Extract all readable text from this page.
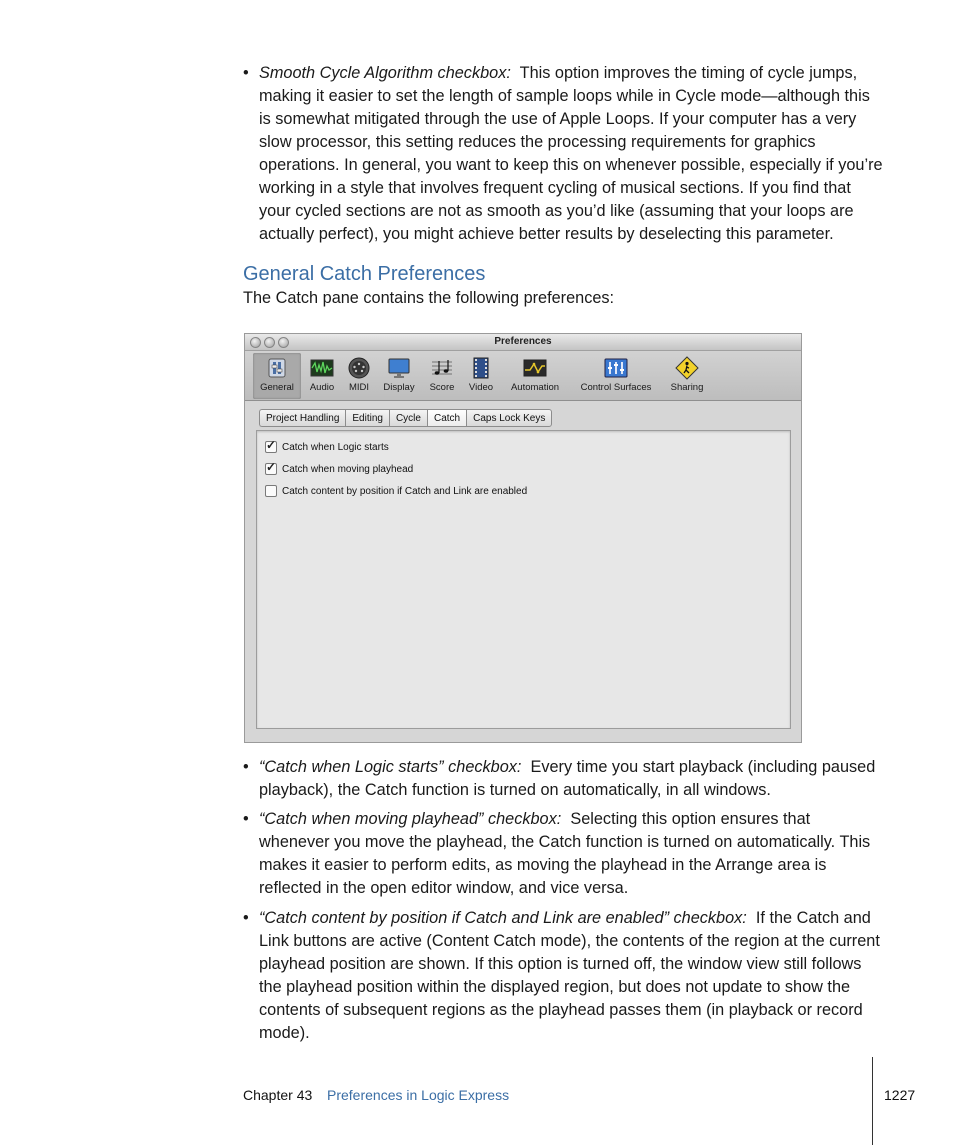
• Smooth Cycle Algorithm checkbox: This option improves the timing of cycle jumps, making it easier to set the length of sample loops while in Cycle mode—although this is somewhat mitigated through the use of Apple Loops. If your computer has a very slow processor, this setting reduces the processing requirements for graphics operations. In general, you want to keep this on whenever possible, especially if you’re working in a style that involves frequent cycling of musical sections. If you find that your cycled sections are not as smooth as you’d like (assuming that your loops are actually perfect), you might achieve better results by deselecting this parameter.
General Catch Preferences

The Catch pane contains the following preferences:

Preferences
General	Audio	MIDI	Display	Score	Video	Automation	Control Surfaces	Sharing
Project Handling	Editing	Cycle	Catch	Caps Lock Keys
✓ Catch when Logic starts
✓ Catch when moving playhead
Catch content by position if Catch and Link are enabled
• “Catch when Logic starts” checkbox: Every time you start playback (including paused playback), the Catch function is turned on automatically, in all windows.
• “Catch when moving playhead” checkbox: Selecting this option ensures that whenever you move the playhead, the Catch function is turned on automatically. This makes it easier to perform edits, as moving the playhead in the Arrange area is reflected in the open editor window, and vice versa.
• “Catch content by position if Catch and Link are enabled” checkbox: If the Catch and Link buttons are active (Content Catch mode), the contents of the region at the current playhead position are shown. If this option is turned off, the window view still follows the playhead position within the displayed region, but does not update to show the contents of subsequent regions as the playhead passes them (in playback or record mode).
Chapter 43 Preferences in Logic Express	1227
